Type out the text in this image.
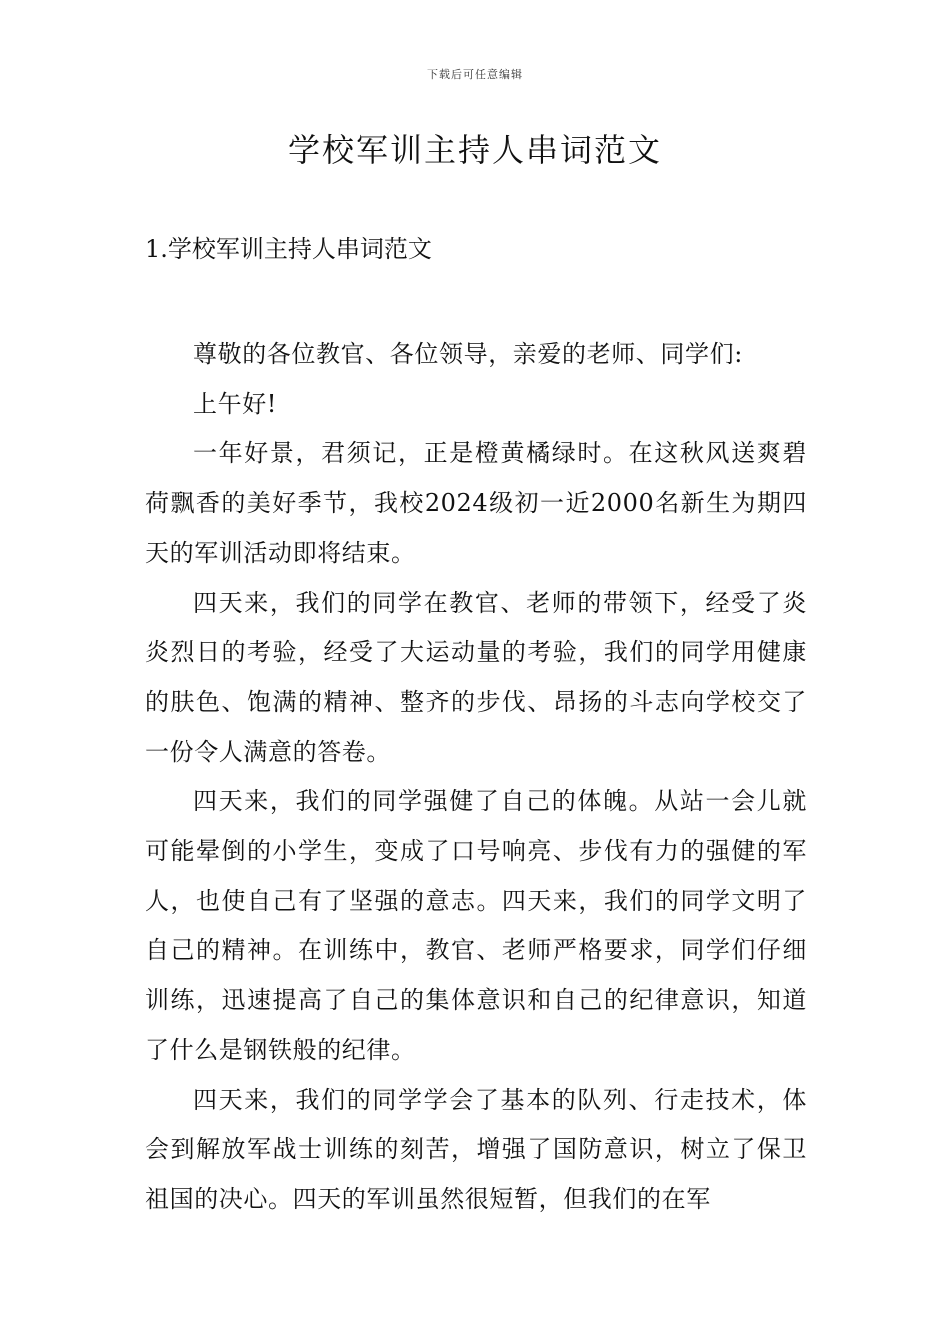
下载后可任意编辑
学校军训主持人串词范文
1.学校军训主持人串词范文

尊敬的各位教官、各位领导，亲爱的老师、同学们:

上午好!

一年好景，君须记，正是橙黄橘绿时。在这秋风送爽碧荷飘香的美好季节，我校2024级初一近2000名新生为期四天的军训活动即将结束。

四天来，我们的同学在教官、老师的带领下，经受了炎炎烈日的考验，经受了大运动量的考验，我们的同学用健康的肤色、饱满的精神、整齐的步伐、昂扬的斗志向学校交了一份令人满意的答卷。

四天来，我们的同学强健了自己的体魄。从站一会儿就可能晕倒的小学生，变成了口号响亮、步伐有力的强健的军人，也使自己有了坚强的意志。四天来，我们的同学文明了自己的精神。在训练中，教官、老师严格要求，同学们仔细训练，迅速提高了自己的集体意识和自己的纪律意识，知道了什么是钢铁般的纪律。

四天来，我们的同学学会了基本的队列、行走技术，体会到解放军战士训练的刻苦，增强了国防意识，树立了保卫祖国的决心。四天的军训虽然很短暂，但我们的在军
